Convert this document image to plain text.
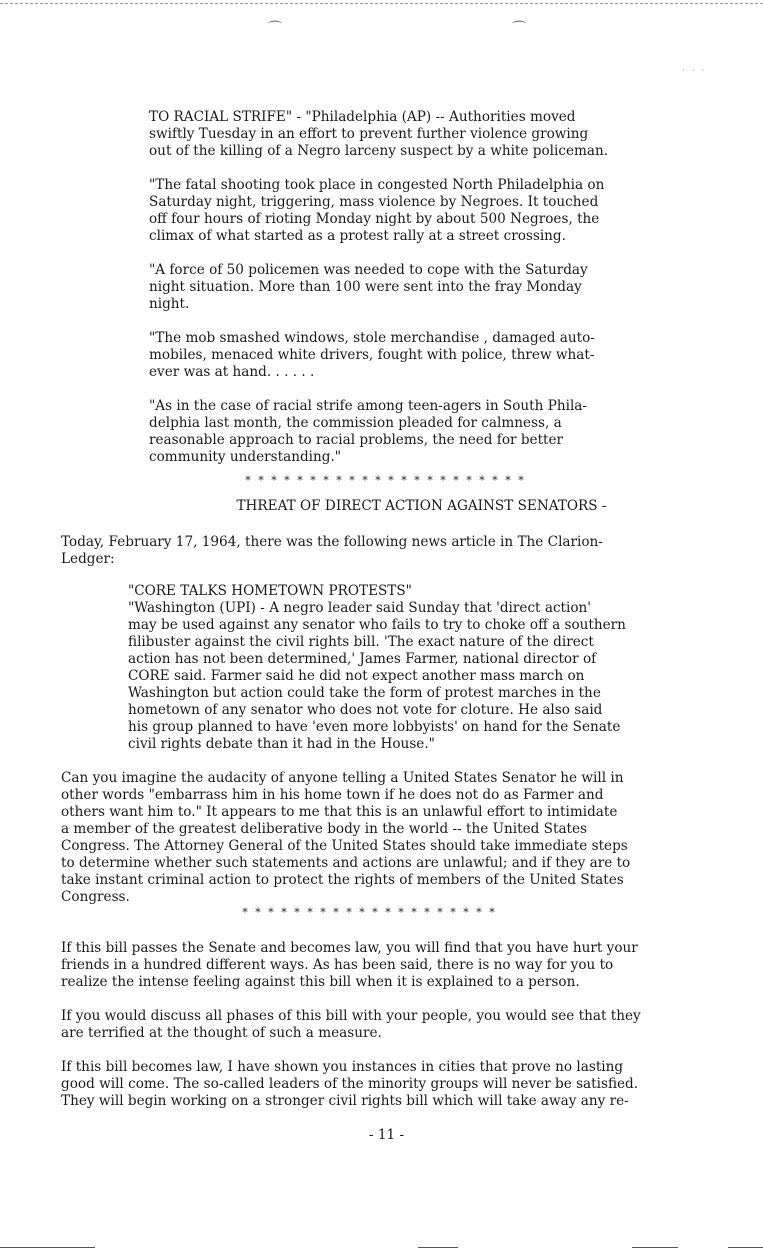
⌒	⌒
· · ·

TO RACIAL STRIFE" - "Philadelphia (AP) -- Authorities moved

swiftly Tuesday in an effort to prevent further violence growing

out of the killing of a Negro larceny suspect by a white policeman.

"The fatal shooting took place in congested North Philadelphia on

Saturday night, triggering, mass violence by Negroes. It touched

off four hours of rioting Monday night by about 500 Negroes, the

climax of what started as a protest rally at a street crossing.

"A force of 50 policemen was needed to cope with the Saturday

night situation. More than 100 were sent into the fray Monday

night.

"The mob smashed windows, stole merchandise , damaged auto-

mobiles, menaced white drivers, fought with police, threw what-

ever was at hand. . . . . .

"As in the case of racial strife among teen-agers in South Phila-

delphia last month, the commission pleaded for calmness, a

reasonable approach to racial problems, the need for better

community understanding."

* * * * * * * * * * * * * * * * * * * * * *

THREAT OF DIRECT ACTION AGAINST SENATORS -

Today, February 17, 1964, there was the following news article in The Clarion-

Ledger:

"CORE TALKS HOMETOWN PROTESTS"

"Washington (UPI) - A negro leader said Sunday that 'direct action'

may be used against any senator who fails to try to choke off a southern

filibuster against the civil rights bill. 'The exact nature of the direct

action has not been determined,' James Farmer, national director of

CORE said. Farmer said he did not expect another mass march on

Washington but action could take the form of protest marches in the

hometown of any senator who does not vote for cloture. He also said

his group planned to have 'even more lobbyists' on hand for the Senate

civil rights debate than it had in the House."

Can you imagine the audacity of anyone telling a United States Senator he will in

other words "embarrass him in his home town if he does not do as Farmer and

others want him to." It appears to me that this is an unlawful effort to intimidate

a member of the greatest deliberative body in the world -- the United States

Congress. The Attorney General of the United States should take immediate steps

to determine whether such statements and actions are unlawful; and if they are to

take instant criminal action to protect the rights of members of the United States

Congress.

* * * * * * * * * * * * * * * * * * * *

If this bill passes the Senate and becomes law, you will find that you have hurt your

friends in a hundred different ways. As has been said, there is no way for you to

realize the intense feeling against this bill when it is explained to a person.

If you would discuss all phases of this bill with your people, you would see that they

are terrified at the thought of such a measure.

If this bill becomes law, I have shown you instances in cities that prove no lasting

good will come. The so-called leaders of the minority groups will never be satisfied.

They will begin working on a stronger civil rights bill which will take away any re-

- 11 -
